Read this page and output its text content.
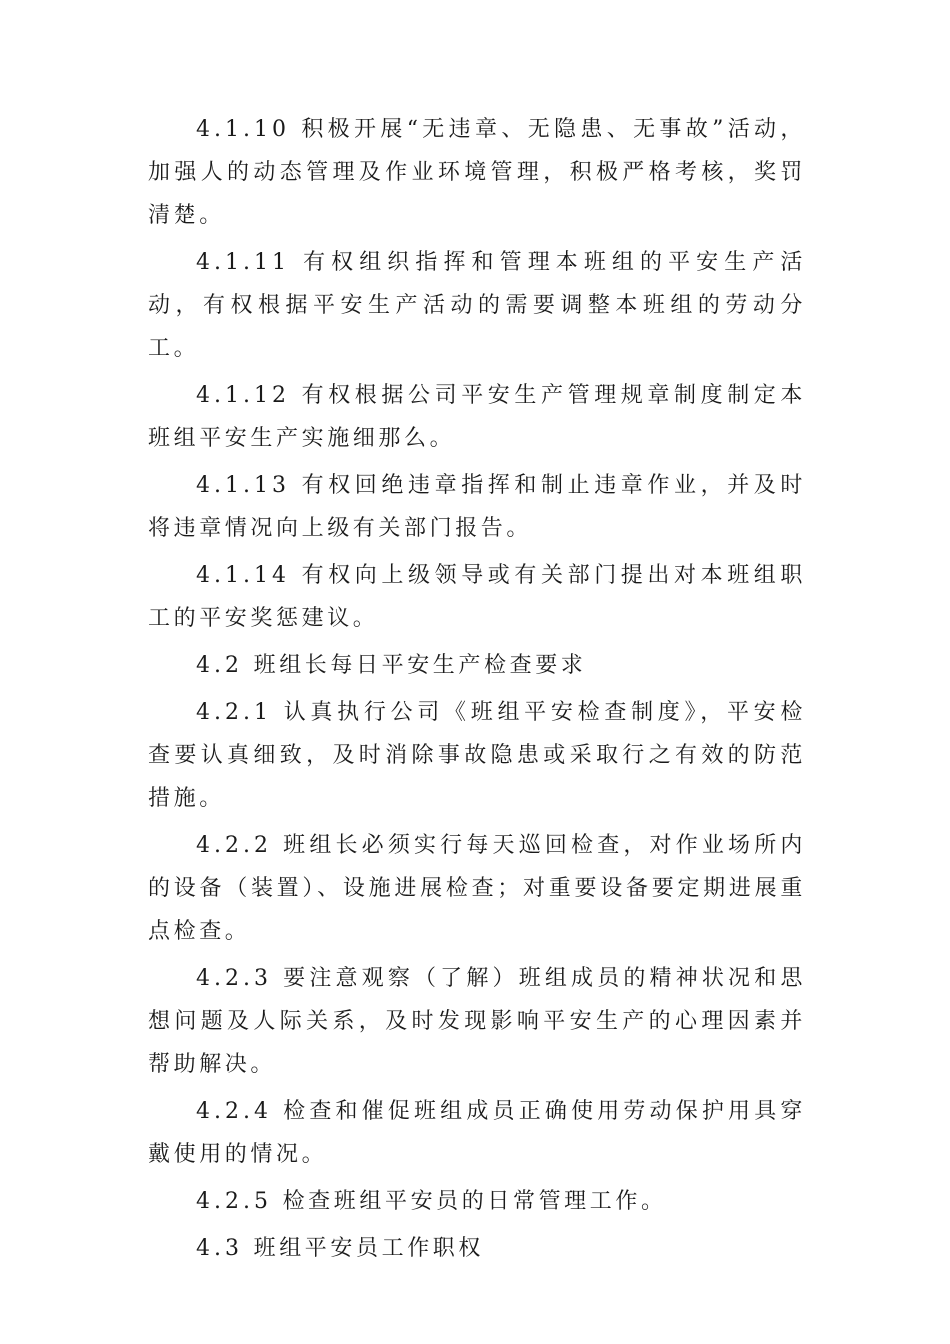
4.1.10 积极开展“无违章、无隐患、无事故”活动，加强人的动态管理及作业环境管理，积极严格考核，奖罚清楚。

4.1.11 有权组织指挥和管理本班组的平安生产活动，有权根据平安生产活动的需要调整本班组的劳动分工。

4.1.12 有权根据公司平安生产管理规章制度制定本班组平安生产实施细那么。

4.1.13 有权回绝违章指挥和制止违章作业，并及时将违章情况向上级有关部门报告。

4.1.14 有权向上级领导或有关部门提出对本班组职工的平安奖惩建议。

4.2 班组长每日平安生产检查要求

4.2.1 认真执行公司《班组平安检查制度》，平安检查要认真细致，及时消除事故隐患或采取行之有效的防范措施。

4.2.2 班组长必须实行每天巡回检查，对作业场所内的设备（装置）、设施进展检查；对重要设备要定期进展重点检查。

4.2.3 要注意观察（了解）班组成员的精神状况和思想问题及人际关系，及时发现影响平安生产的心理因素并帮助解决。

4.2.4 检查和催促班组成员正确使用劳动保护用具穿戴使用的情况。

4.2.5 检查班组平安员的日常管理工作。

4.3 班组平安员工作职权
